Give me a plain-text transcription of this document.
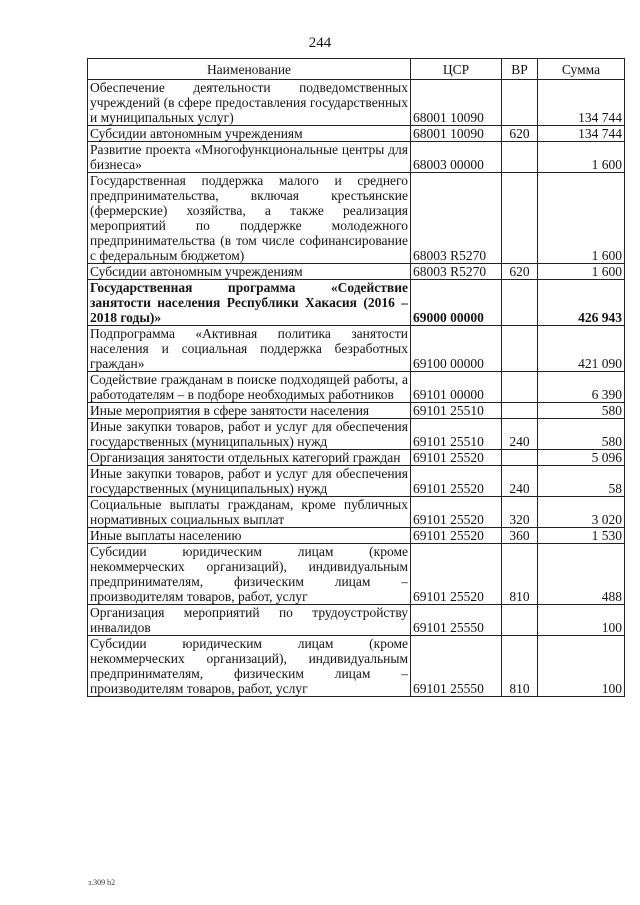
244
Наименование	ЦСР	ВР	Сумма
Обеспечение деятельности подведомственных учреждений (в сфере предоставления государственных и муниципальных услуг)	68001 10090		134 744
Субсидии автономным учреждениям	68001 10090	620	134 744
Развитие проекта «Многофункциональные центры для бизнеса»	68003 00000		1 600
Государственная поддержка малого и среднего предпринимательства, включая крестьянские (фермерские) хозяйства, а также реализация мероприятий по поддержке молодежного предпринимательства (в том числе софинансирование с федеральным бюджетом)	68003 R5270		1 600
Субсидии автономным учреждениям	68003 R5270	620	1 600
Государственная программа «Содействие занятости населения Республики Хакасия (2016 – 2018 годы)»	69000 00000		426 943
Подпрограмма «Активная политика занятости населения и социальная поддержка безработных граждан»	69100 00000		421 090
Содействие гражданам в поиске подходящей работы, а работодателям – в подборе необходимых работников	69101 00000		6 390
Иные мероприятия в сфере занятости населения	69101 25510		580
Иные закупки товаров, работ и услуг для обеспечения государственных (муниципальных) нужд	69101 25510	240	580
Организация занятости отдельных категорий граждан	69101 25520		5 096
Иные закупки товаров, работ и услуг для обеспечения государственных (муниципальных) нужд	69101 25520	240	58
Социальные выплаты гражданам, кроме публичных нормативных социальных выплат	69101 25520	320	3 020
Иные выплаты населению	69101 25520	360	1 530
Субсидии юридическим лицам (кроме некоммерческих организаций), индивидуальным предпринимателям, физическим лицам – производителям товаров, работ, услуг	69101 25520	810	488
Организация мероприятий по трудоустройству инвалидов	69101 25550		100
Субсидии юридическим лицам (кроме некоммерческих организаций), индивидуальным предпринимателям, физическим лицам – производителям товаров, работ, услуг	69101 25550	810	100
з.309 b2
